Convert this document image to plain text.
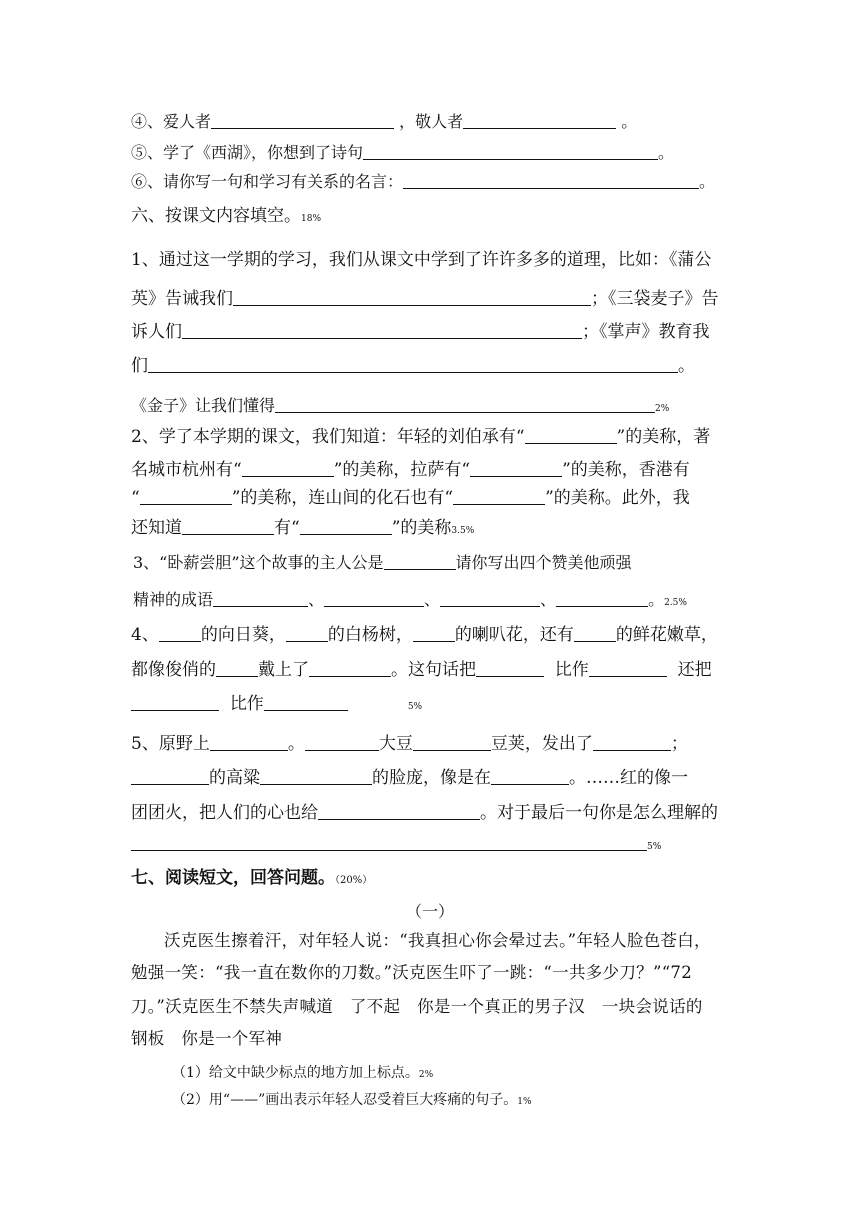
④、爱人者	，敬人者	。
⑤、学了《西湖》，你想到了诗句	。
⑥、请你写一句和学习有关系的名言：	。
六、按课文内容填空。18%
1、通过这一学期的学习，我们从课文中学到了许许多多的道理，比如：《蒲公
英》告诫我们	；《三袋麦子》告
诉人们	；《掌声》教育我
们	。
《金子》让我们懂得	2%
2、学了本学期的课文，我们知道：年轻的刘伯承有“	”的美称，著
名城市杭州有“	”的美称，拉萨有“	”的美称，香港有
“	”的美称，连山间的化石也有“	”的美称。此外，我
还知道	有“	”的美称3.5%
3、“卧薪尝胆”这个故事的主人公是	请你写出四个赞美他顽强
精神的成语	、	、	、	。2.5%
4、 的向日葵， 的白杨树， 的喇叭花，还有 的鲜花嫩草，
都像俊俏的 戴上了	。这句话把	比作	还把
比作	5%
5、原野上	。	大豆	豆荚，发出了	；
的高粱	的脸庞，像是在	。……红的像一
团团火，把人们的心也给	。对于最后一句你是怎么理解的
5%
七、阅读短文，回答问题。（20%）
（一）
沃克医生擦着汗，对年轻人说：“我真担心你会晕过去。”年轻人脸色苍白，
勉强一笑：“我一直在数你的刀数。”沃克医生吓了一跳：“一共多少刀？”“72
刀。”沃克医生不禁失声喊道　了不起　你是一个真正的男子汉　一块会说话的
钢板　你是一个军神
（1）给文中缺少标点的地方加上标点。2%
（2）用“——”画出表示年轻人忍受着巨大疼痛的句子。1%
